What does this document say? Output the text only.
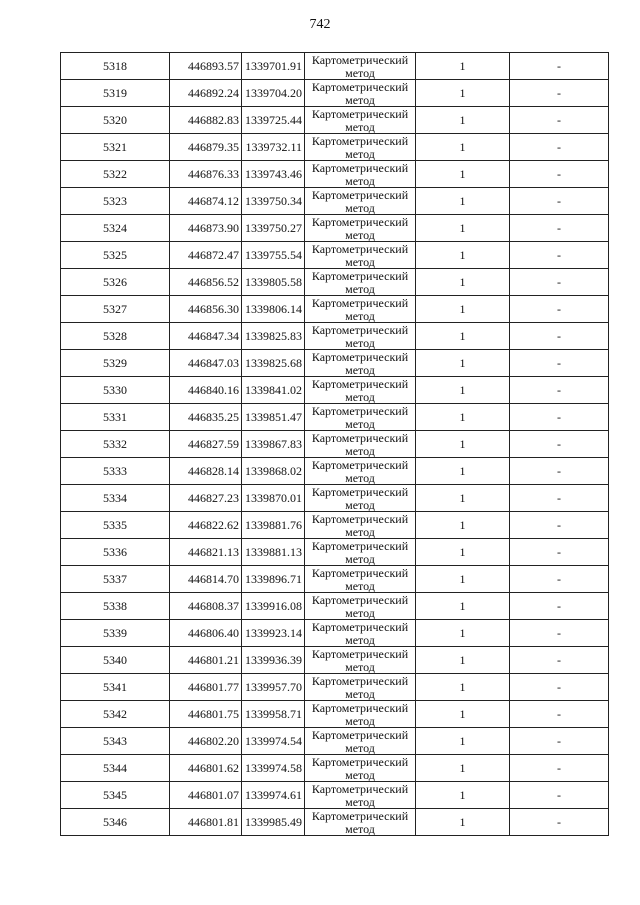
742
5318	446893.57	1339701.91	Картометрический
метод	1	-
5319	446892.24	1339704.20	Картометрический
метод	1	-
5320	446882.83	1339725.44	Картометрический
метод	1	-
5321	446879.35	1339732.11	Картометрический
метод	1	-
5322	446876.33	1339743.46	Картометрический
метод	1	-
5323	446874.12	1339750.34	Картометрический
метод	1	-
5324	446873.90	1339750.27	Картометрический
метод	1	-
5325	446872.47	1339755.54	Картометрический
метод	1	-
5326	446856.52	1339805.58	Картометрический
метод	1	-
5327	446856.30	1339806.14	Картометрический
метод	1	-
5328	446847.34	1339825.83	Картометрический
метод	1	-
5329	446847.03	1339825.68	Картометрический
метод	1	-
5330	446840.16	1339841.02	Картометрический
метод	1	-
5331	446835.25	1339851.47	Картометрический
метод	1	-
5332	446827.59	1339867.83	Картометрический
метод	1	-
5333	446828.14	1339868.02	Картометрический
метод	1	-
5334	446827.23	1339870.01	Картометрический
метод	1	-
5335	446822.62	1339881.76	Картометрический
метод	1	-
5336	446821.13	1339881.13	Картометрический
метод	1	-
5337	446814.70	1339896.71	Картометрический
метод	1	-
5338	446808.37	1339916.08	Картометрический
метод	1	-
5339	446806.40	1339923.14	Картометрический
метод	1	-
5340	446801.21	1339936.39	Картометрический
метод	1	-
5341	446801.77	1339957.70	Картометрический
метод	1	-
5342	446801.75	1339958.71	Картометрический
метод	1	-
5343	446802.20	1339974.54	Картометрический
метод	1	-
5344	446801.62	1339974.58	Картометрический
метод	1	-
5345	446801.07	1339974.61	Картометрический
метод	1	-
5346	446801.81	1339985.49	Картометрический
метод	1	-
